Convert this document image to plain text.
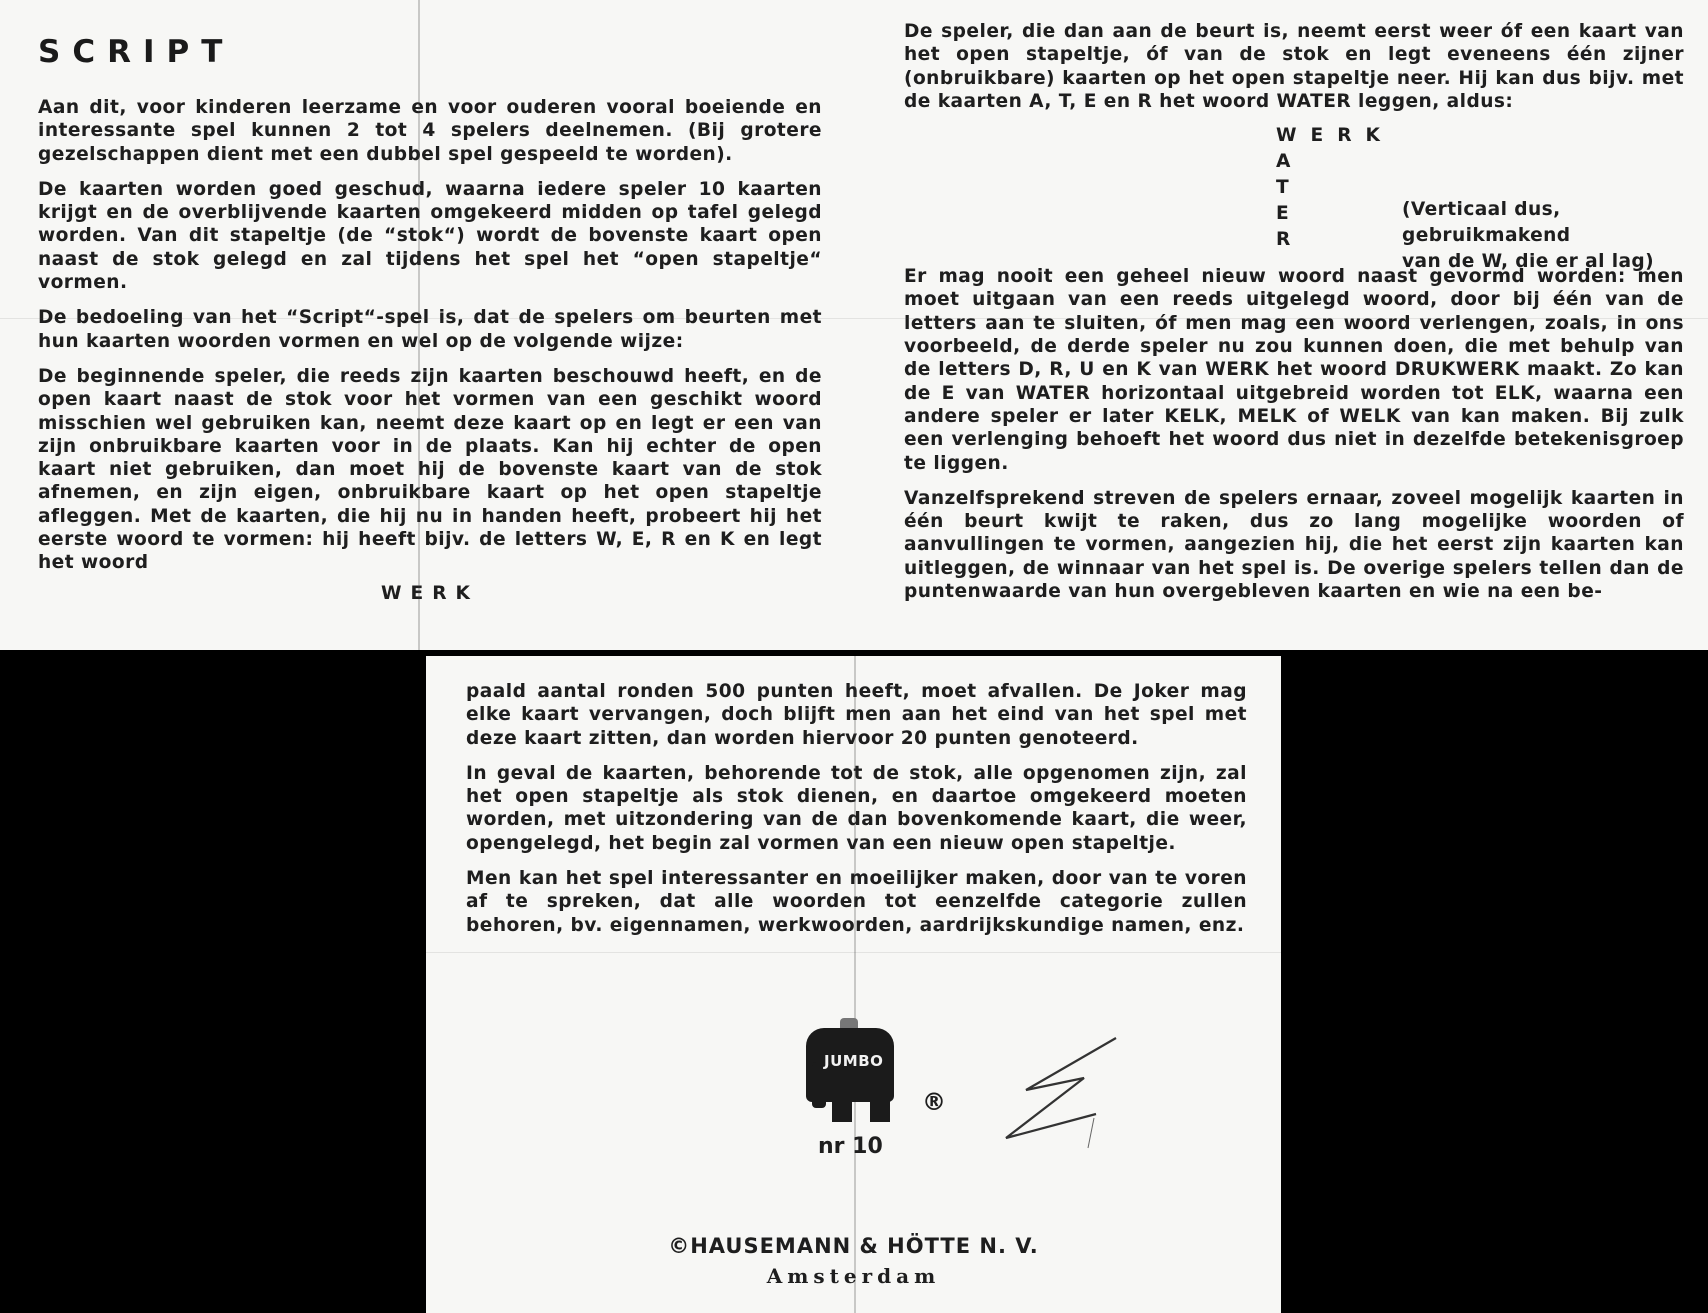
SCRIPT

Aan dit, voor kinderen leerzame en voor ouderen vooral boeiende en interessante spel kunnen 2 tot 4 spelers deelnemen. (Bij grotere gezelschappen dient met een dubbel spel gespeeld te worden).

De kaarten worden goed geschud, waarna iedere speler 10 kaarten krijgt en de overblijvende kaarten omgekeerd midden op tafel gelegd worden. Van dit stapeltje (de “stok“) wordt de bovenste kaart open naast de stok gelegd en zal tijdens het spel het “open stapeltje“ vormen.

De bedoeling van het “Script“-spel is, dat de spelers om beurten met hun kaarten woorden vormen en wel op de volgende wijze:

De beginnende speler, die reeds zijn kaarten beschouwd heeft, en de open kaart naast de stok voor het vormen van een geschikt woord misschien wel gebruiken kan, neemt deze kaart op en legt er een van zijn onbruikbare kaarten voor in de plaats. Kan hij echter de open kaart niet gebruiken, dan moet hij de bovenste kaart van de stok afnemen, en zijn eigen, onbruikbare kaart op het open stapeltje afleggen. Met de kaarten, die hij nu in handen heeft, probeert hij het eerste woord te vormen: hij heeft bijv. de letters W, E, R en K en legt het woord

WERK

De speler, die dan aan de beurt is, neemt eerst weer óf een kaart van het open stapeltje, óf van de stok en legt eveneens één zijner (onbruikbare) kaarten op het open stapeltje neer. Hij kan dus bijv. met de kaarten A, T, E en R het woord WATER leggen, aldus:

WERK
A
T
E
R
(Verticaal dus, gebruikmakend
van de W, die er al lag)

Er mag nooit een geheel nieuw woord naast gevormd worden: men moet uitgaan van een reeds uitgelegd woord, door bij één van de letters aan te sluiten, óf men mag een woord verlengen, zoals, in ons voorbeeld, de derde speler nu zou kunnen doen, die met behulp van de letters D, R, U en K van WERK het woord DRUKWERK maakt. Zo kan de E van WATER horizontaal uitgebreid worden tot ELK, waarna een andere speler er later KELK, MELK of WELK van kan maken. Bij zulk een verlenging behoeft het woord dus niet in dezelfde betekenisgroep te liggen.

Vanzelfsprekend streven de spelers ernaar, zoveel mogelijk kaarten in één beurt kwijt te raken, dus zo lang mogelijke woorden of aanvullingen te vormen, aangezien hij, die het eerst zijn kaarten kan uitleggen, de winnaar van het spel is. De overige spelers tellen dan de puntenwaarde van hun overgebleven kaarten en wie na een be-

paald aantal ronden 500 punten heeft, moet afvallen. De Joker mag elke kaart vervangen, doch blijft men aan het eind van het spel met deze kaart zitten, dan worden hiervoor 20 punten genoteerd.

In geval de kaarten, behorende tot de stok, alle opgenomen zijn, zal het open stapeltje als stok dienen, en daartoe omgekeerd moeten worden, met uitzondering van de dan bovenkomende kaart, die weer, opengelegd, het begin zal vormen van een nieuw open stapeltje.

Men kan het spel interessanter en moeilijker maken, door van te voren af te spreken, dat alle woorden tot eenzelfde categorie zullen behoren, bv. eigennamen, werkwoorden, aardrijkskundige namen, enz.

JUMBO
®
nr 10
©HAUSEMANN & HÖTTE N. V.
Amsterdam
